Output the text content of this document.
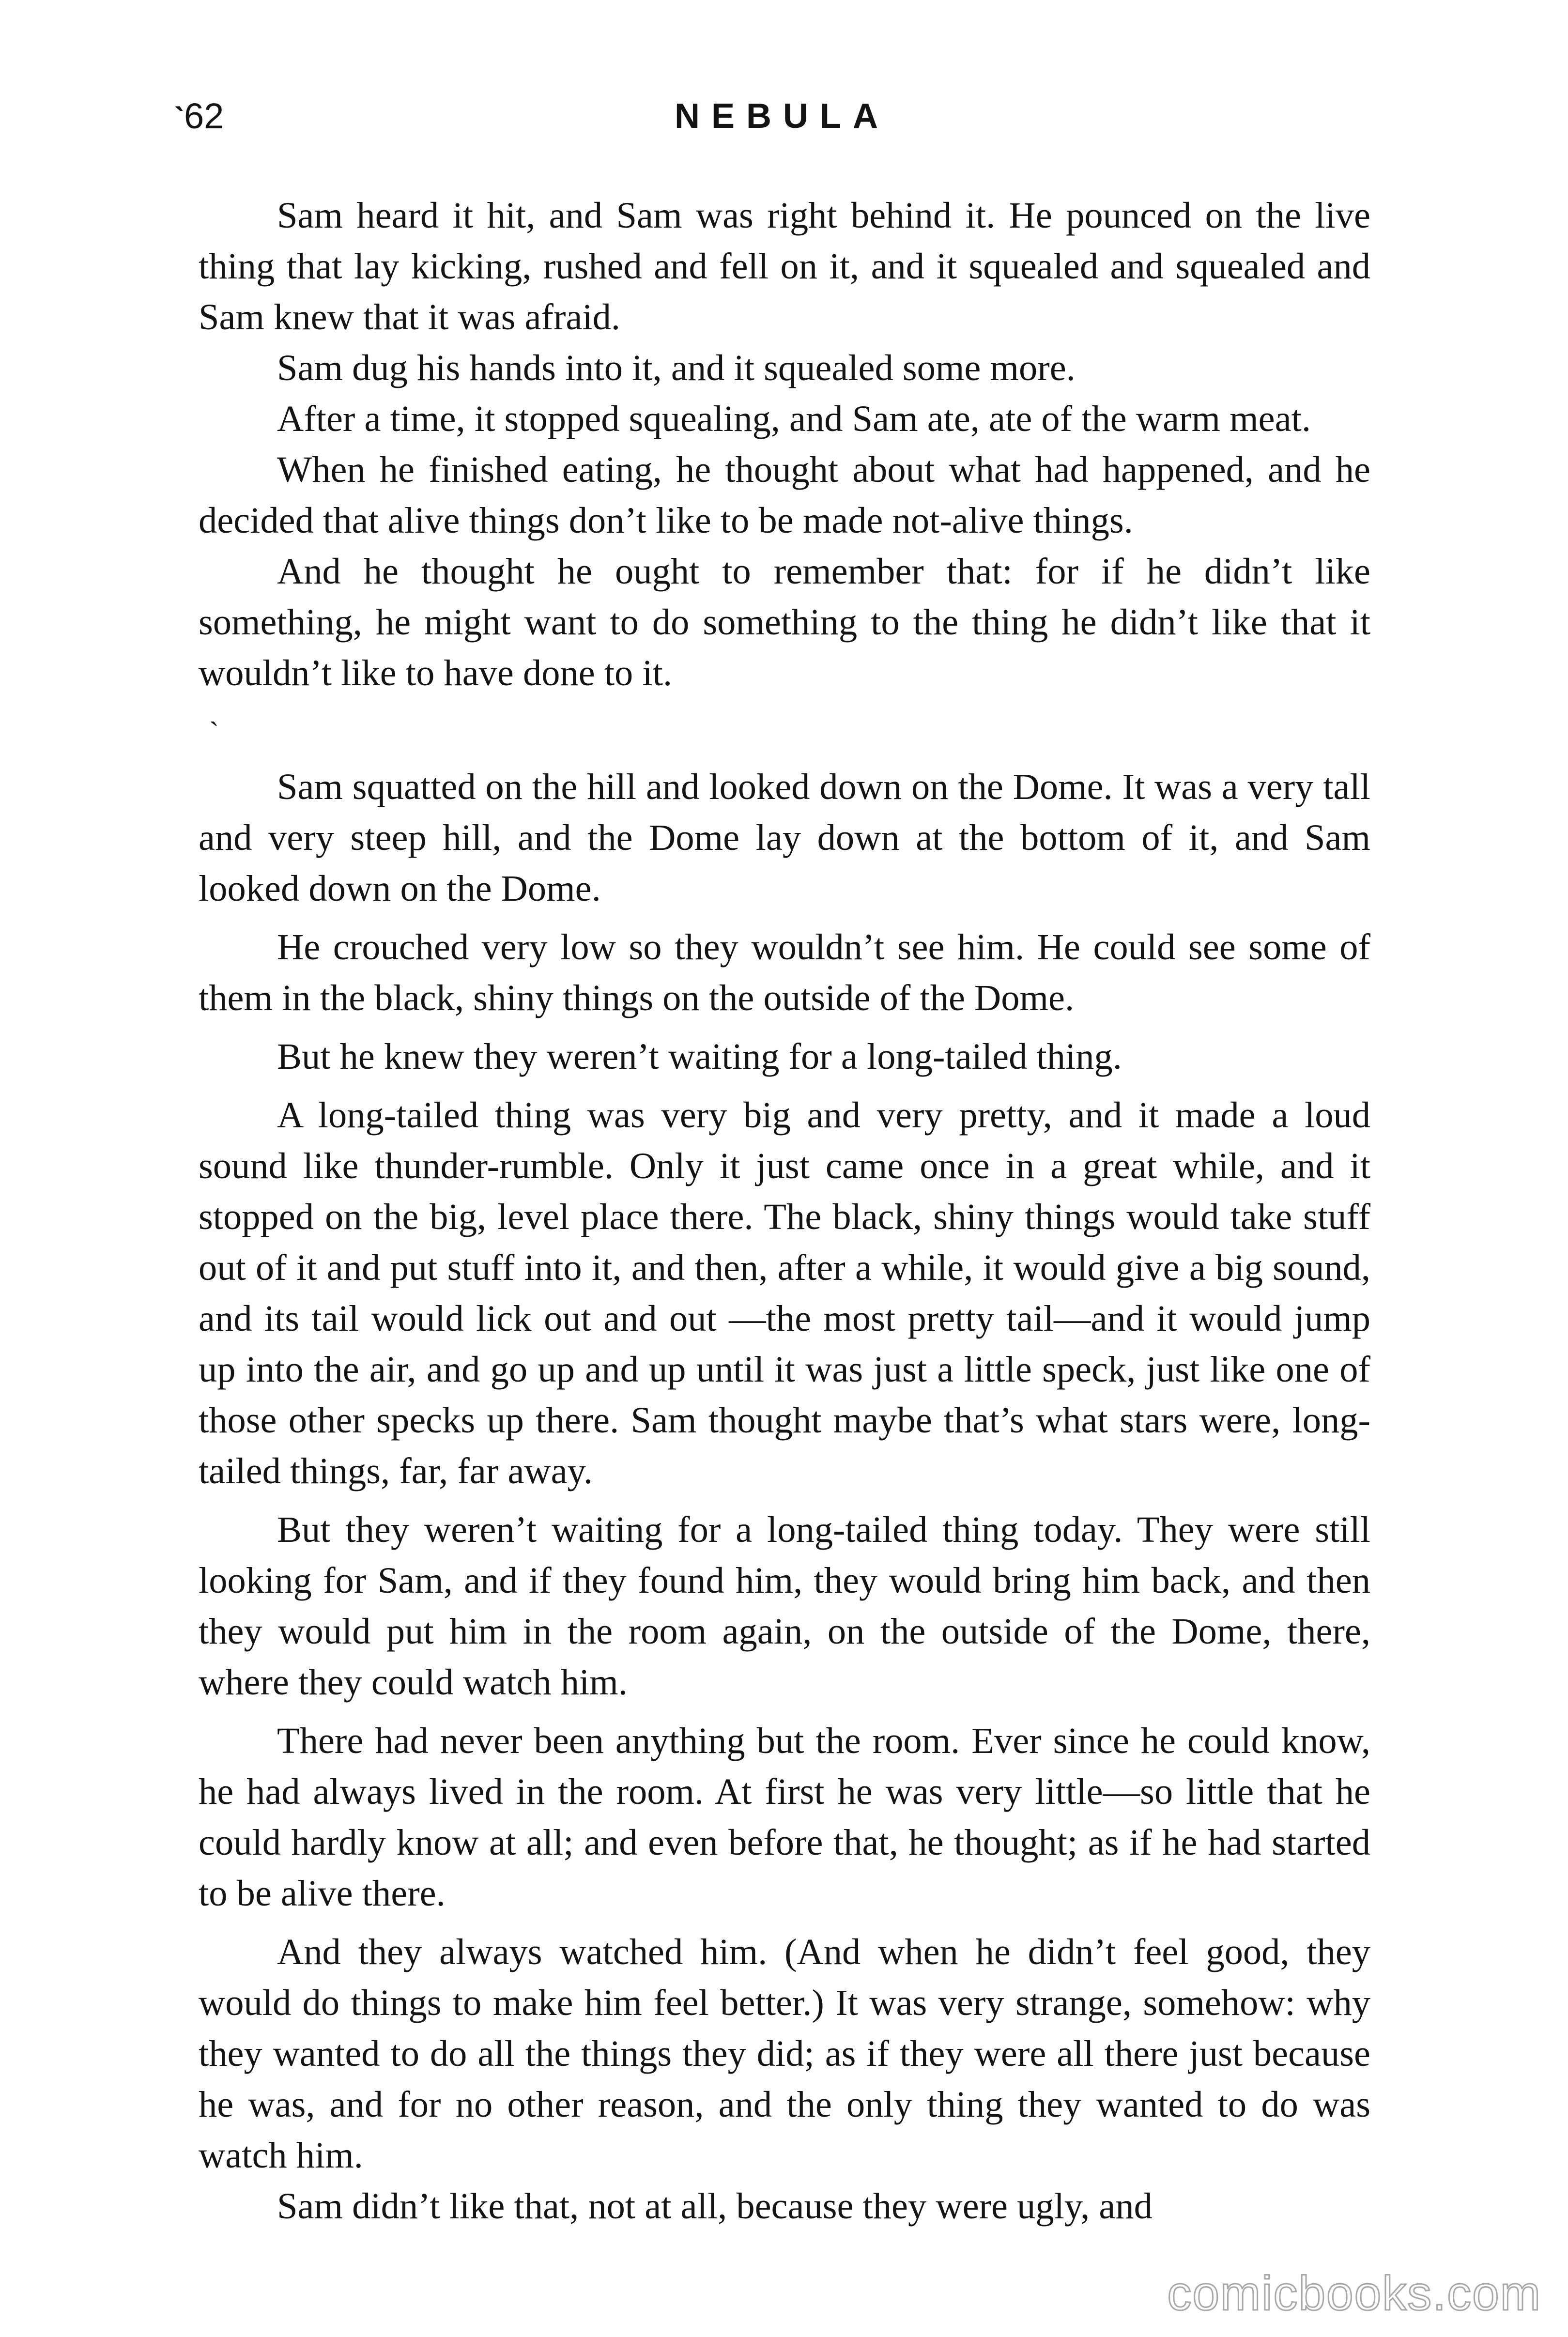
ˋ
62	NEBULA

Sam heard it hit, and Sam was right behind it. He pounced on the live thing that lay kicking, rushed and fell on it, and it squealed and squealed and Sam knew that it was afraid.

Sam dug his hands into it, and it squealed some more.

After a time, it stopped squealing, and Sam ate, ate of the warm meat.

When he finished eating, he thought about what had happened, and he decided that alive things don’t like to be made not-alive things.

And he thought he ought to remember that: for if he didn’t like something, he might want to do something to the thing he didn’t like that it wouldn’t like to have done to it.

ˋ

Sam squatted on the hill and looked down on the Dome. It was a very tall and very steep hill, and the Dome lay down at the bottom of it, and Sam looked down on the Dome.

He crouched very low so they wouldn’t see him. He could see some of them in the black, shiny things on the outside of the Dome.

But he knew they weren’t waiting for a long-tailed thing.

A long-tailed thing was very big and very pretty, and it made a loud sound like thunder-rumble. Only it just came once in a great while, and it stopped on the big, level place there. The black, shiny things would take stuff out of it and put stuff into it, and then, after a while, it would give a big sound, and its tail would lick out and out —the most pretty tail—and it would jump up into the air, and go up and up until it was just a little speck, just like one of those other specks up there. Sam thought maybe that’s what stars were, long-tailed things, far, far away.

But they weren’t waiting for a long-tailed thing today. They were still looking for Sam, and if they found him, they would bring him back, and then they would put him in the room again, on the outside of the Dome, there, where they could watch him.

There had never been anything but the room. Ever since he could know, he had always lived in the room. At first he was very little—so little that he could hardly know at all; and even before that, he thought; as if he had started to be alive there.

And they always watched him. (And when he didn’t feel good, they would do things to make him feel better.) It was very strange, somehow: why they wanted to do all the things they did; as if they were all there just because he was, and for no other reason, and the only thing they wanted to do was watch him.

Sam didn’t like that, not at all, because they were ugly, and

comicbooks.com
